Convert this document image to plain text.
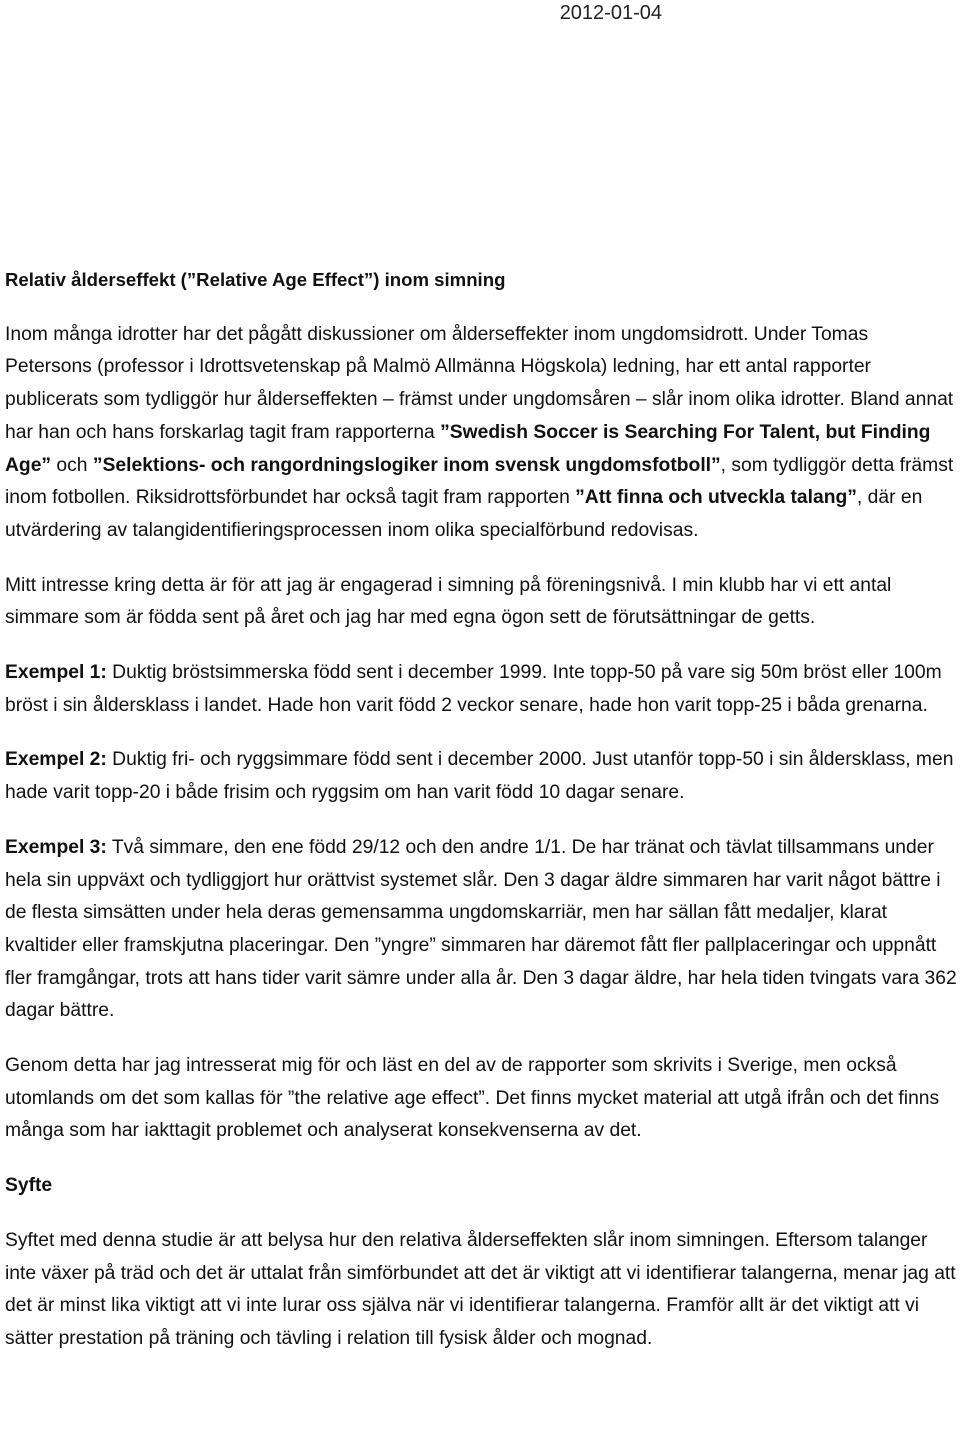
2012-01-04

Relativ ålderseffekt (”Relative Age Effect”) inom simning

Inom många idrotter har det pågått diskussioner om ålderseffekter inom ungdomsidrott. Under Tomas Petersons (professor i Idrottsvetenskap på Malmö Allmänna Högskola) ledning, har ett antal rapporter publicerats som tydliggör hur ålderseffekten – främst under ungdomsåren – slår inom olika idrotter. Bland annat har han och hans forskarlag tagit fram rapporterna ”Swedish Soccer is Searching For Talent, but Finding Age” och ”Selektions- och rangordningslogiker inom svensk ungdomsfotboll”, som tydliggör detta främst inom fotbollen. Riksidrottsförbundet har också tagit fram rapporten ”Att finna och utveckla talang”, där en utvärdering av talangidentifieringsprocessen inom olika specialförbund redovisas.

Mitt intresse kring detta är för att jag är engagerad i simning på föreningsnivå. I min klubb har vi ett antal simmare som är födda sent på året och jag har med egna ögon sett de förutsättningar de getts.

Exempel 1: Duktig bröstsimmerska född sent i december 1999. Inte topp-50 på vare sig 50m bröst eller 100m bröst i sin åldersklass i landet. Hade hon varit född 2 veckor senare, hade hon varit topp-25 i båda grenarna.

Exempel 2: Duktig fri- och ryggsimmare född sent i december 2000. Just utanför topp-50 i sin åldersklass, men hade varit topp-20 i både frisim och ryggsim om han varit född 10 dagar senare.

Exempel 3: Två simmare, den ene född 29/12 och den andre 1/1. De har tränat och tävlat tillsammans under hela sin uppväxt och tydliggjort hur orättvist systemet slår. Den 3 dagar äldre simmaren har varit något bättre i de flesta simsätten under hela deras gemensamma ungdomskarriär, men har sällan fått medaljer, klarat kvaltider eller framskjutna placeringar. Den ”yngre” simmaren har däremot fått fler pallplaceringar och uppnått fler framgångar, trots att hans tider varit sämre under alla år. Den 3 dagar äldre, har hela tiden tvingats vara 362 dagar bättre.

Genom detta har jag intresserat mig för och läst en del av de rapporter som skrivits i Sverige, men också utomlands om det som kallas för ”the relative age effect”. Det finns mycket material att utgå ifrån och det finns många som har iakttagit problemet och analyserat konsekvenserna av det.

Syfte

Syftet med denna studie är att belysa hur den relativa ålderseffekten slår inom simningen. Eftersom talanger inte växer på träd och det är uttalat från simförbundet att det är viktigt att vi identifierar talangerna, menar jag att det är minst lika viktigt att vi inte lurar oss själva när vi identifierar talangerna. Framför allt är det viktigt att vi sätter prestation på träning och tävling i relation till fysisk ålder och mognad.
